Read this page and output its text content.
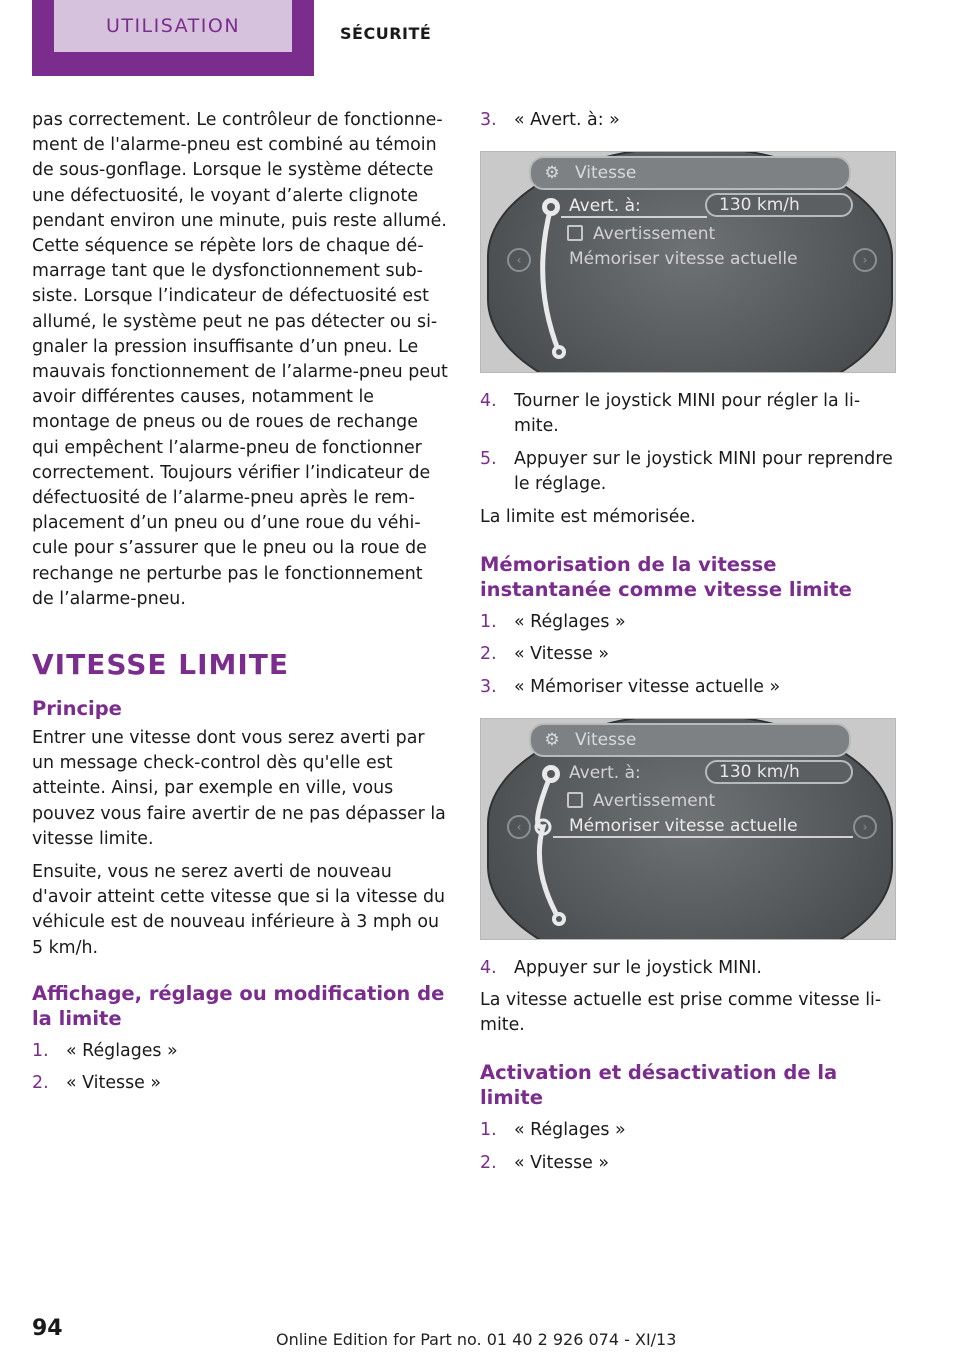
UTILISATION	SÉCURITÉ

pas correctement. Le contrôleur de fonctionne-ment de l'alarme-pneu est combiné au témoin de sous-gonflage. Lorsque le système détecte une défectuosité, le voyant d’alerte clignote pendant environ une minute, puis reste allumé. Cette séquence se répète lors de chaque dé-marrage tant que le dysfonctionnement sub-siste. Lorsque l’indicateur de défectuosité est allumé, le système peut ne pas détecter ou si-gnaler la pression insuffisante d’un pneu. Le mauvais fonctionnement de l’alarme-pneu peut avoir différentes causes, notamment le montage de pneus ou de roues de rechange qui empêchent l’alarme-pneu de fonctionner correctement. Toujours vérifier l’indicateur de défectuosité de l’alarme-pneu après le rem-placement d’un pneu ou d’une roue du véhi-cule pour s’assurer que le pneu ou la roue de rechange ne perturbe pas le fonctionnement de l’alarme-pneu.

VITESSE LIMITE
Principe

Entrer une vitesse dont vous serez averti par un message check-control dès qu'elle est atteinte. Ainsi, par exemple en ville, vous pouvez vous faire avertir de ne pas dépasser la vitesse limite.

Ensuite, vous ne serez averti de nouveau d'avoir atteint cette vitesse que si la vitesse du véhicule est de nouveau inférieure à 3 mph ou 5 km/h.

Affichage, réglage ou modification de la limite
1. « Réglages »
2. « Vitesse »
3. « Avert. à: »
⚙ Vitesse
Avert. à:	130 km/h
Avertissement
Mémoriser vitesse actuelle
‹	›
4. Tourner le joystick MINI pour régler la li-mite.
5. Appuyer sur le joystick MINI pour reprendre le réglage.

La limite est mémorisée.

Mémorisation de la vitesse instantanée comme vitesse limite
1. « Réglages »
2. « Vitesse »
3. « Mémoriser vitesse actuelle »
⚙ Vitesse
Avert. à:	130 km/h
Avertissement
Mémoriser vitesse actuelle
‹	›
4. Appuyer sur le joystick MINI.

La vitesse actuelle est prise comme vitesse li-mite.

Activation et désactivation de la limite
1. « Réglages »
2. « Vitesse »
94	Online Edition for Part no. 01 40 2 926 074 - XI/13
